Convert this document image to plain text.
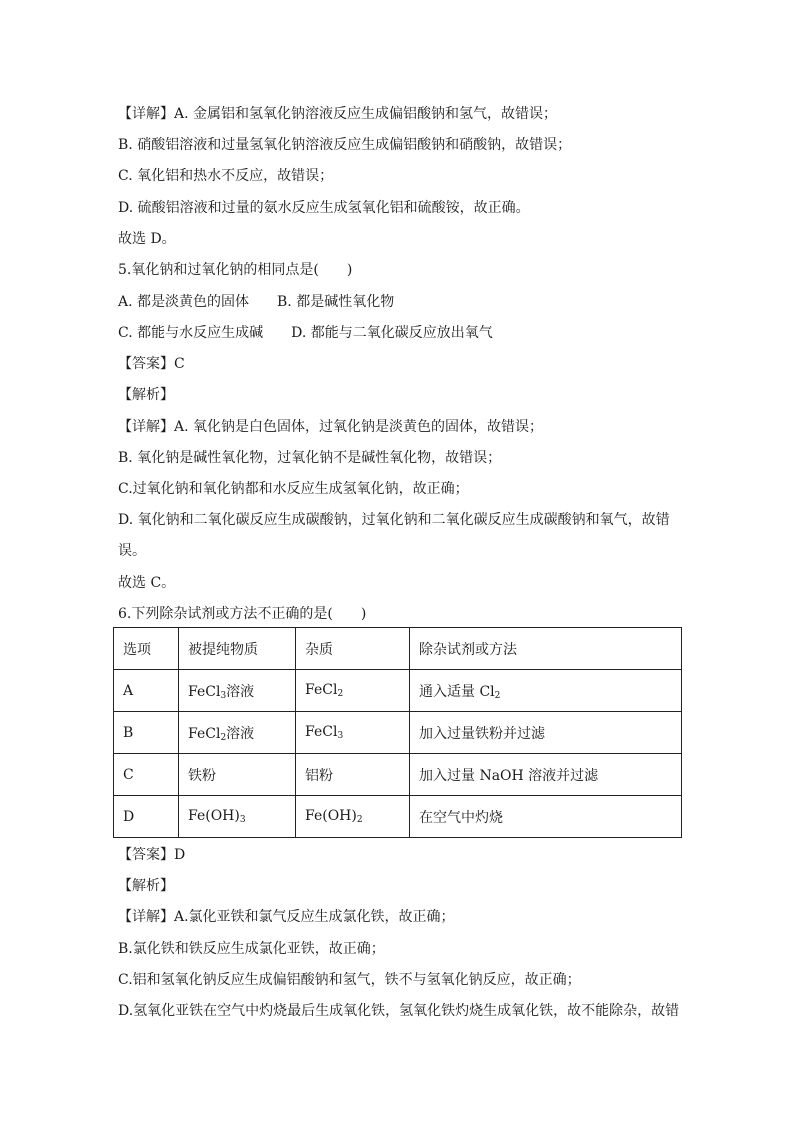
【详解】A. 金属铝和氢氧化钠溶液反应生成偏铝酸钠和氢气，故错误；
B. 硝酸铝溶液和过量氢氧化钠溶液反应生成偏铝酸钠和硝酸钠，故错误；
C. 氧化铝和热水不反应，故错误；
D. 硫酸铝溶液和过量的氨水反应生成氢氧化铝和硫酸铵，故正确。
故选 D。
5.氧化钠和过氧化钠的相同点是(　　)
A. 都是淡黄色的固体　　B. 都是碱性氧化物
C. 都能与水反应生成碱　　D. 都能与二氧化碳反应放出氧气
【答案】C
【解析】
【详解】A. 氧化钠是白色固体，过氧化钠是淡黄色的固体，故错误；
B. 氧化钠是碱性氧化物，过氧化钠不是碱性氧化物，故错误；
C.过氧化钠和氧化钠都和水反应生成氢氧化钠，故正确；
D. 氧化钠和二氧化碳反应生成碳酸钠，过氧化钠和二氧化碳反应生成碳酸钠和氧气，故错
误。
故选 C。
6.下列除杂试剂或方法不正确的是(　　)
选项	被提纯物质	杂质	除杂试剂或方法
A	FeCl$_3$溶液	FeCl$_2$	通入适量 $Cl_2$
B	FeCl$_2$溶液	FeCl$_3$	加入过量铁粉并过滤
C	铁粉	铝粉	加入过量 NaOH 溶液并过滤
D	$Fe(OH)_3$	$Fe(OH)_2$	在空气中灼烧
【答案】D
【解析】
【详解】A.氯化亚铁和氯气反应生成氯化铁，故正确；
B.氯化铁和铁反应生成氯化亚铁，故正确；
C.铝和氢氧化钠反应生成偏铝酸钠和氢气，铁不与氢氧化钠反应，故正确；
D.氢氧化亚铁在空气中灼烧最后生成氧化铁，氢氧化铁灼烧生成氧化铁，故不能除杂，故错
